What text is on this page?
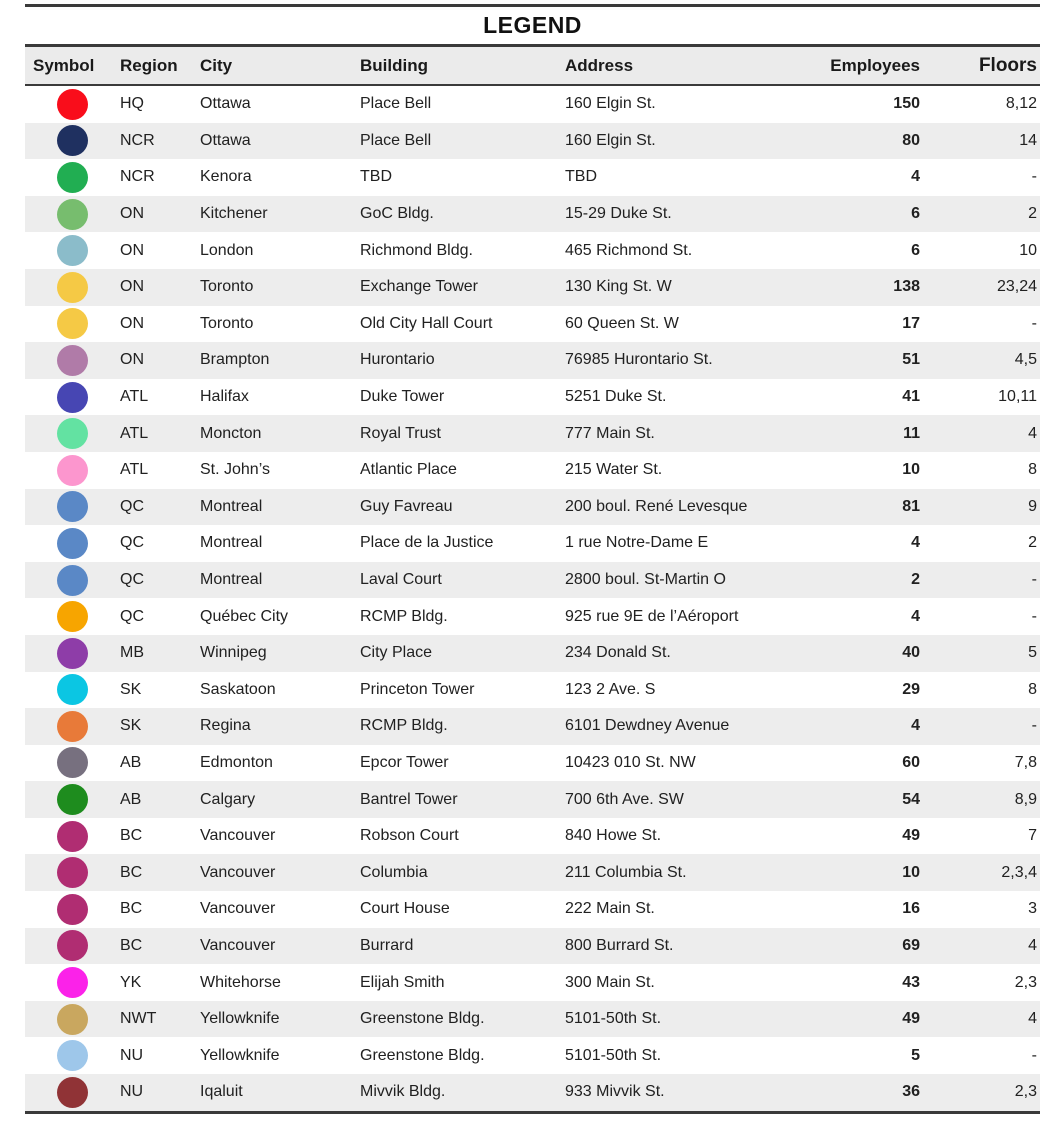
LEGEND
Symbol	Region	City	Building	Address	Employees	Floors
HQ	Ottawa	Place Bell	160 Elgin St.	150	8,12
NCR	Ottawa	Place Bell	160 Elgin St.	80	14
NCR	Kenora	TBD	TBD	4	-
ON	Kitchener	GoC Bldg.	15-29 Duke St.	6	2
ON	London	Richmond Bldg.	465 Richmond St.	6	10
ON	Toronto	Exchange Tower	130 King St. W	138	23,24
ON	Toronto	Old City Hall Court	60 Queen St. W	17	-
ON	Brampton	Hurontario	76985 Hurontario St.	51	4,5
ATL	Halifax	Duke Tower	5251 Duke St.	41	10,11
ATL	Moncton	Royal Trust	777 Main St.	11	4
ATL	St. John’s	Atlantic Place	215 Water St.	10	8
QC	Montreal	Guy Favreau	200 boul. René Levesque	81	9
QC	Montreal	Place de la Justice	1 rue Notre-Dame E	4	2
QC	Montreal	Laval Court	2800 boul. St-Martin O	2	-
QC	Québec City	RCMP Bldg.	925 rue 9E de l’Aéroport	4	-
MB	Winnipeg	City Place	234 Donald St.	40	5
SK	Saskatoon	Princeton Tower	123 2 Ave. S	29	8
SK	Regina	RCMP Bldg.	6101 Dewdney Avenue	4	-
AB	Edmonton	Epcor Tower	10423 010 St. NW	60	7,8
AB	Calgary	Bantrel Tower	700 6th Ave. SW	54	8,9
BC	Vancouver	Robson Court	840 Howe St.	49	7
BC	Vancouver	Columbia	211 Columbia St.	10	2,3,4
BC	Vancouver	Court House	222 Main St.	16	3
BC	Vancouver	Burrard	800 Burrard St.	69	4
YK	Whitehorse	Elijah Smith	300 Main St.	43	2,3
NWT	Yellowknife	Greenstone Bldg.	5101-50th St.	49	4
NU	Yellowknife	Greenstone Bldg.	5101-50th St.	5	-
NU	Iqaluit	Mivvik Bldg.	933 Mivvik St.	36	2,3
